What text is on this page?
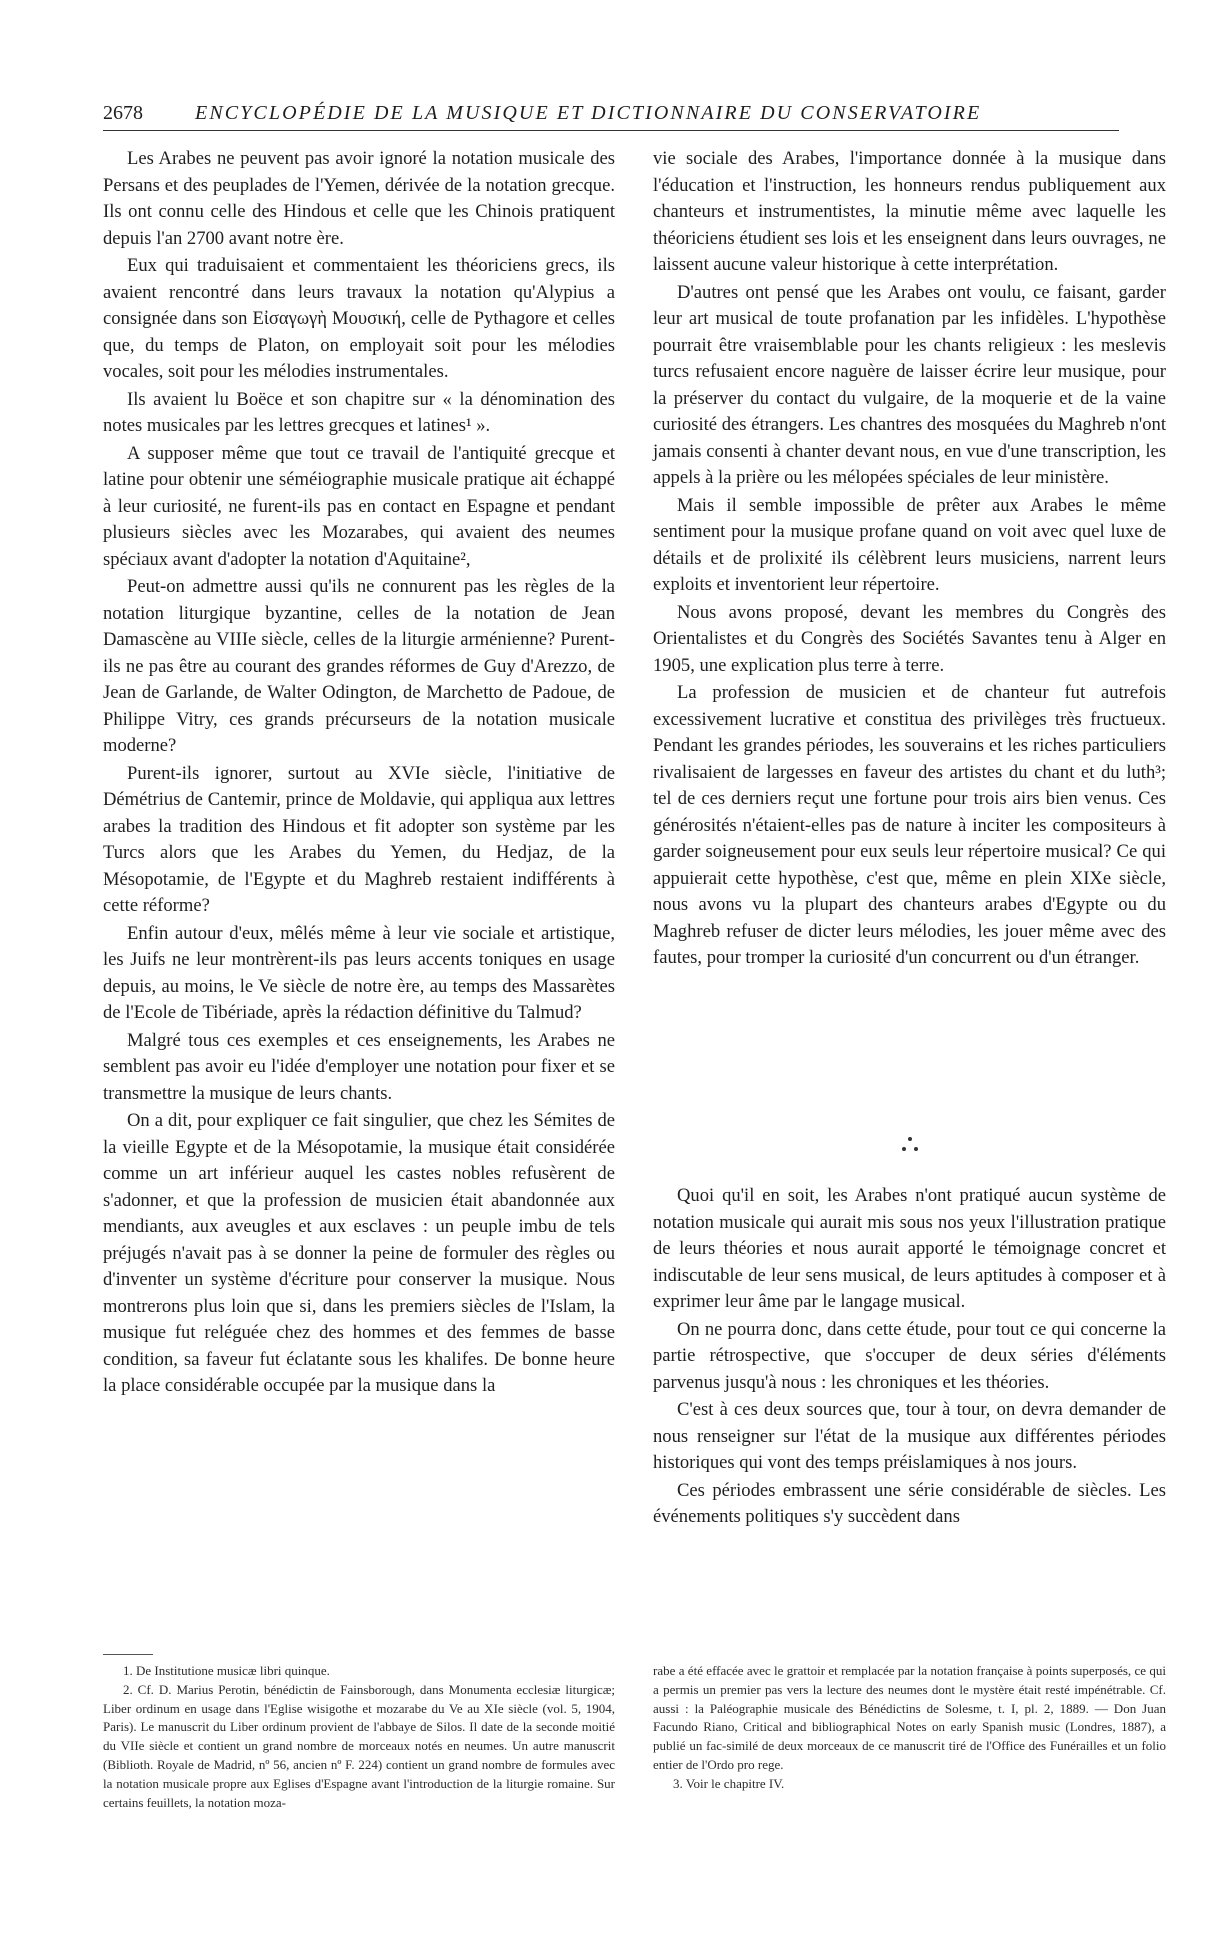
2678	ENCYCLOPÉDIE DE LA MUSIQUE ET DICTIONNAIRE DU CONSERVATOIRE

Les Arabes ne peuvent pas avoir ignoré la notation musicale des Persans et des peuplades de l'Yemen, dérivée de la notation grecque. Ils ont connu celle des Hindous et celle que les Chinois pratiquent depuis l'an 2700 avant notre ère.

Eux qui traduisaient et commentaient les théoriciens grecs, ils avaient rencontré dans leurs travaux la notation qu'Alypius a consignée dans son Εἰσαγωγὴ Μουσική, celle de Pythagore et celles que, du temps de Platon, on employait soit pour les mélodies vocales, soit pour les mélodies instrumentales.

Ils avaient lu Boëce et son chapitre sur « la dénomination des notes musicales par les lettres grecques et latines¹ ».

A supposer même que tout ce travail de l'antiquité grecque et latine pour obtenir une séméiographie musicale pratique ait échappé à leur curiosité, ne furent-ils pas en contact en Espagne et pendant plusieurs siècles avec les Mozarabes, qui avaient des neumes spéciaux avant d'adopter la notation d'Aquitaine²,

Peut-on admettre aussi qu'ils ne connurent pas les règles de la notation liturgique byzantine, celles de la notation de Jean Damascène au VIIIe siècle, celles de la liturgie arménienne? Purent-ils ne pas être au courant des grandes réformes de Guy d'Arezzo, de Jean de Garlande, de Walter Odington, de Marchetto de Padoue, de Philippe Vitry, ces grands précurseurs de la notation musicale moderne?

Purent-ils ignorer, surtout au XVIe siècle, l'initiative de Démétrius de Cantemir, prince de Moldavie, qui appliqua aux lettres arabes la tradition des Hindous et fit adopter son système par les Turcs alors que les Arabes du Yemen, du Hedjaz, de la Mésopotamie, de l'Egypte et du Maghreb restaient indifférents à cette réforme?

Enfin autour d'eux, mêlés même à leur vie sociale et artistique, les Juifs ne leur montrèrent-ils pas leurs accents toniques en usage depuis, au moins, le Ve siècle de notre ère, au temps des Massarètes de l'Ecole de Tibériade, après la rédaction définitive du Talmud?

Malgré tous ces exemples et ces enseignements, les Arabes ne semblent pas avoir eu l'idée d'employer une notation pour fixer et se transmettre la musique de leurs chants.

On a dit, pour expliquer ce fait singulier, que chez les Sémites de la vieille Egypte et de la Mésopotamie, la musique était considérée comme un art inférieur auquel les castes nobles refusèrent de s'adonner, et que la profession de musicien était abandonnée aux mendiants, aux aveugles et aux esclaves : un peuple imbu de tels préjugés n'avait pas à se donner la peine de formuler des règles ou d'inventer un système d'écriture pour conserver la musique. Nous montrerons plus loin que si, dans les premiers siècles de l'Islam, la musique fut reléguée chez des hommes et des femmes de basse condition, sa faveur fut éclatante sous les khalifes. De bonne heure la place considérable occupée par la musique dans la

vie sociale des Arabes, l'importance donnée à la musique dans l'éducation et l'instruction, les honneurs rendus publiquement aux chanteurs et instrumentistes, la minutie même avec laquelle les théoriciens étudient ses lois et les enseignent dans leurs ouvrages, ne laissent aucune valeur historique à cette interprétation.

D'autres ont pensé que les Arabes ont voulu, ce faisant, garder leur art musical de toute profanation par les infidèles. L'hypothèse pourrait être vraisemblable pour les chants religieux : les meslevis turcs refusaient encore naguère de laisser écrire leur musique, pour la préserver du contact du vulgaire, de la moquerie et de la vaine curiosité des étrangers. Les chantres des mosquées du Maghreb n'ont jamais consenti à chanter devant nous, en vue d'une transcription, les appels à la prière ou les mélopées spéciales de leur ministère.

Mais il semble impossible de prêter aux Arabes le même sentiment pour la musique profane quand on voit avec quel luxe de détails et de prolixité ils célèbrent leurs musiciens, narrent leurs exploits et inventorient leur répertoire.

Nous avons proposé, devant les membres du Congrès des Orientalistes et du Congrès des Sociétés Savantes tenu à Alger en 1905, une explication plus terre à terre.

La profession de musicien et de chanteur fut autrefois excessivement lucrative et constitua des privilèges très fructueux. Pendant les grandes périodes, les souverains et les riches particuliers rivalisaient de largesses en faveur des artistes du chant et du luth³; tel de ces derniers reçut une fortune pour trois airs bien venus. Ces générosités n'étaient-elles pas de nature à inciter les compositeurs à garder soigneusement pour eux seuls leur répertoire musical? Ce qui appuierait cette hypothèse, c'est que, même en plein XIXe siècle, nous avons vu la plupart des chanteurs arabes d'Egypte ou du Maghreb refuser de dicter leurs mélodies, les jouer même avec des fautes, pour tromper la curiosité d'un concurrent ou d'un étranger.

Quoi qu'il en soit, les Arabes n'ont pratiqué aucun système de notation musicale qui aurait mis sous nos yeux l'illustration pratique de leurs théories et nous aurait apporté le témoignage concret et indiscutable de leur sens musical, de leurs aptitudes à composer et à exprimer leur âme par le langage musical.

On ne pourra donc, dans cette étude, pour tout ce qui concerne la partie rétrospective, que s'occuper de deux séries d'éléments parvenus jusqu'à nous : les chroniques et les théories.

C'est à ces deux sources que, tour à tour, on devra demander de nous renseigner sur l'état de la musique aux différentes périodes historiques qui vont des temps préislamiques à nos jours.

Ces périodes embrassent une série considérable de siècles. Les événements politiques s'y succèdent dans

1. De Institutione musicæ libri quinque.

2. Cf. D. Marius Perotin, bénédictin de Fainsborough, dans Monumenta ecclesiæ liturgicæ; Liber ordinum en usage dans l'Eglise wisigothe et mozarabe du Ve au XIe siècle (vol. 5, 1904, Paris). Le manuscrit du Liber ordinum provient de l'abbaye de Silos. Il date de la seconde moitié du VIIe siècle et contient un grand nombre de morceaux notés en neumes. Un autre manuscrit (Biblioth. Royale de Madrid, nº 56, ancien nº F. 224) contient un grand nombre de formules avec la notation musicale propre aux Eglises d'Espagne avant l'introduction de la liturgie romaine. Sur certains feuillets, la notation moza-

rabe a été effacée avec le grattoir et remplacée par la notation française à points superposés, ce qui a permis un premier pas vers la lecture des neumes dont le mystère était resté impénétrable. Cf. aussi : la Paléographie musicale des Bénédictins de Solesme, t. I, pl. 2, 1889. — Don Juan Facundo Riano, Critical and bibliographical Notes on early Spanish music (Londres, 1887), a publié un fac-similé de deux morceaux de ce manuscrit tiré de l'Office des Funérailles et un folio entier de l'Ordo pro rege.

3. Voir le chapitre IV.
